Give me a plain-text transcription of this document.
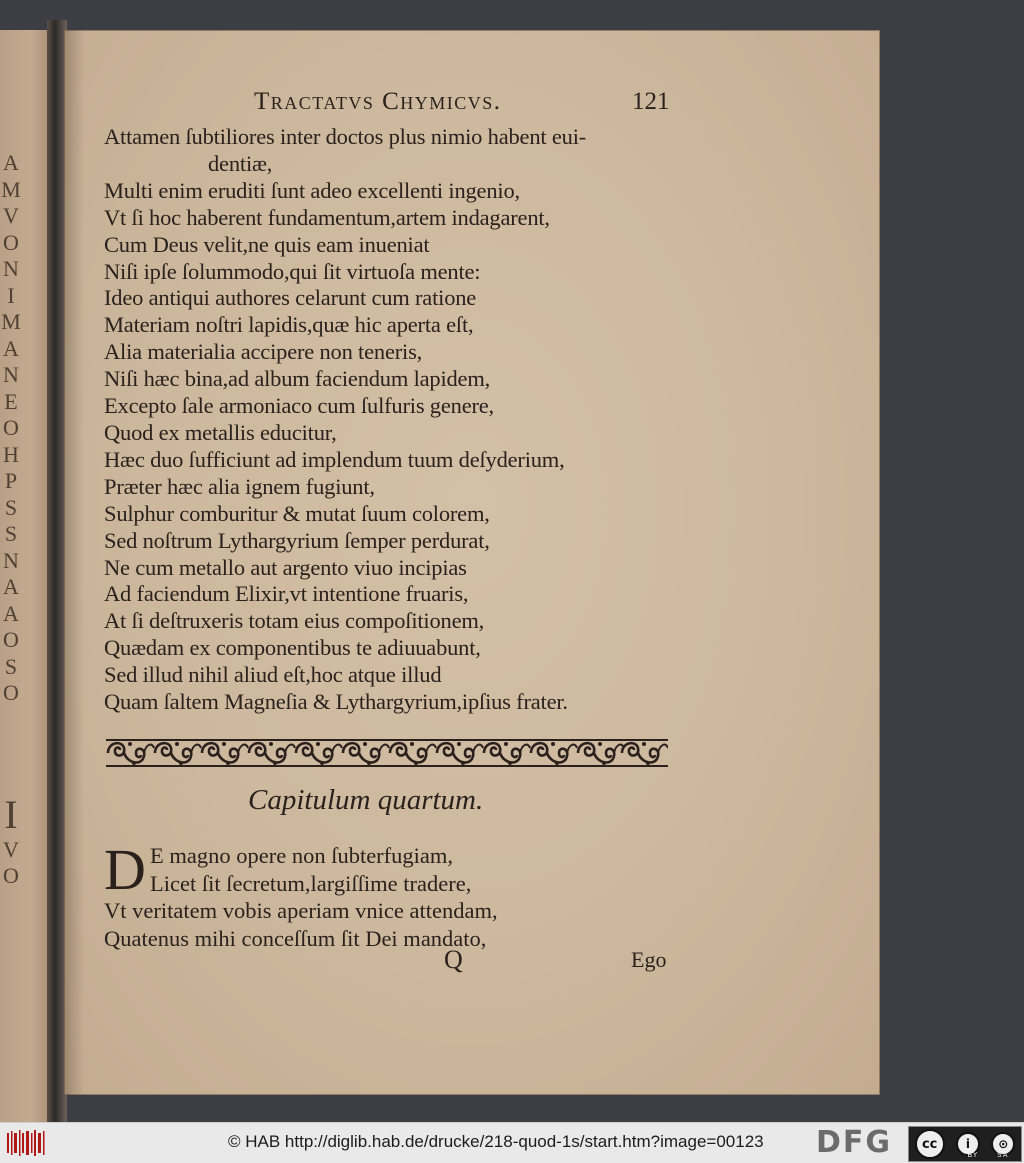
A
M
V
O
N
I
M
A
N
E
O
H
P
S
S
N
A
A
O
S
O
I
V
O
Tractatvs Chymicvs.	121
Attamen ſubtiliores inter doctos plus nimio habent eui-
dentiæ,
Multi enim eruditi ſunt adeo excellenti ingenio,
Vt ſi hoc haberent fundamentum,artem indagarent,
Cum Deus velit,ne quis eam inueniat
Niſi ipſe ſolummodo,qui ſit virtuoſa mente:
Ideo antiqui authores celarunt cum ratione
Materiam noſtri lapidis,quæ hic aperta eſt,
Alia materialia accipere non teneris,
Niſi hæc bina,ad album faciendum lapidem,
Excepto ſale armoniaco cum ſulfuris genere,
Quod ex metallis educitur,
Hæc duo ſufficiunt ad implendum tuum deſyderium,
Præter hæc alia ignem fugiunt,
Sulphur comburitur & mutat ſuum colorem,
Sed noſtrum Lythargyrium ſemper perdurat,
Ne cum metallo aut argento viuo incipias
Ad faciendum Elixir,vt intentione fruaris,
At ſi deſtruxeris totam eius compoſitionem,
Quædam ex componentibus te adiuuabunt,
Sed illud nihil aliud eſt,hoc atque illud
Quam ſaltem Magneſia & Lythargyrium,ipſius frater.
Capitulum quartum.
D E magno opere non ſubterfugiam,
Licet ſit ſecretum,largiſſime tradere,
Vt veritatem vobis aperiam vnice attendam,
Quatenus mihi conceſſum ſit Dei mandato,
Q	Ego
© HAB http://diglib.hab.de/drucke/218-quod-1s/start.htm?image=00123 DFG	cc	i	⊙
BY	SA
